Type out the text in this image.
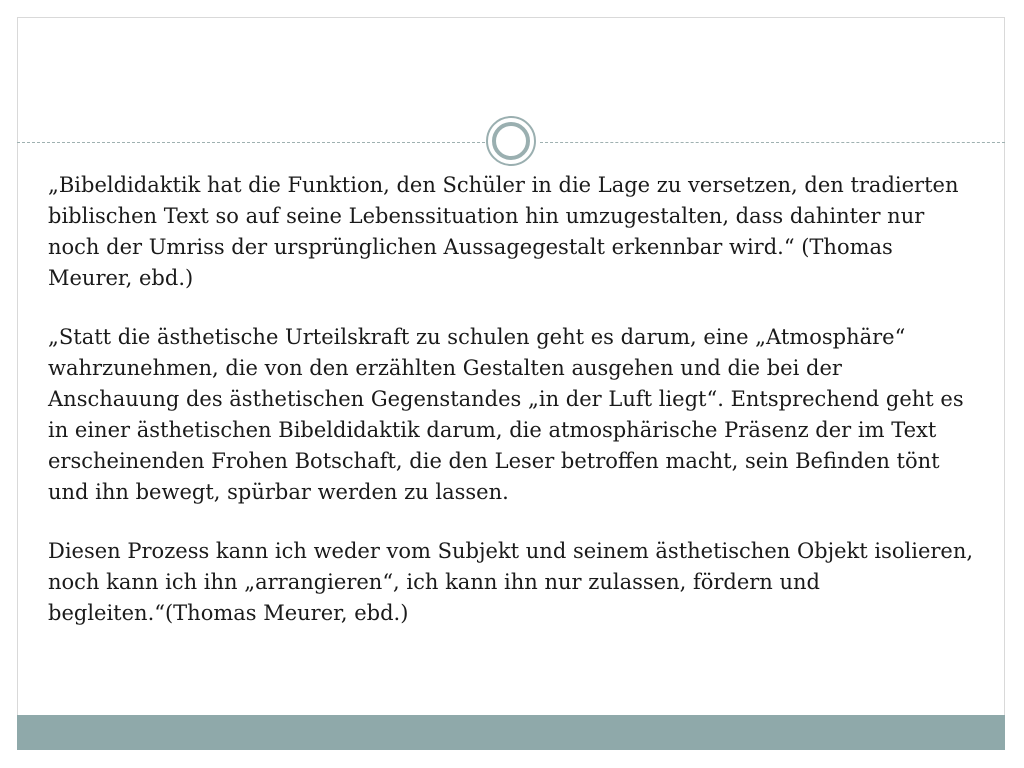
„Bibeldidaktik hat die Funktion, den Schüler in die Lage zu versetzen, den tradierten biblischen Text so auf seine Lebenssituation hin umzugestalten, dass dahinter nur noch der Umriss der ursprünglichen Aussagegestalt erkennbar wird.“ (Thomas Meurer, ebd.)

„Statt die ästhetische Urteilskraft zu schulen geht es darum, eine „Atmosphäre“ wahrzunehmen, die von den erzählten Gestalten ausgehen und die bei der Anschauung des ästhetischen Gegenstandes „in der Luft liegt“. Entsprechend geht es in einer ästhetischen Bibeldidaktik darum, die atmosphärische Präsenz der im Text erscheinenden Frohen Botschaft, die den Leser betroffen macht, sein Befinden tönt und ihn bewegt, spürbar werden zu lassen.

Diesen Prozess kann ich weder vom Subjekt und seinem ästhetischen Objekt isolieren, noch kann ich ihn „arrangieren“, ich kann ihn nur zulassen, fördern und begleiten.“(Thomas Meurer, ebd.)
